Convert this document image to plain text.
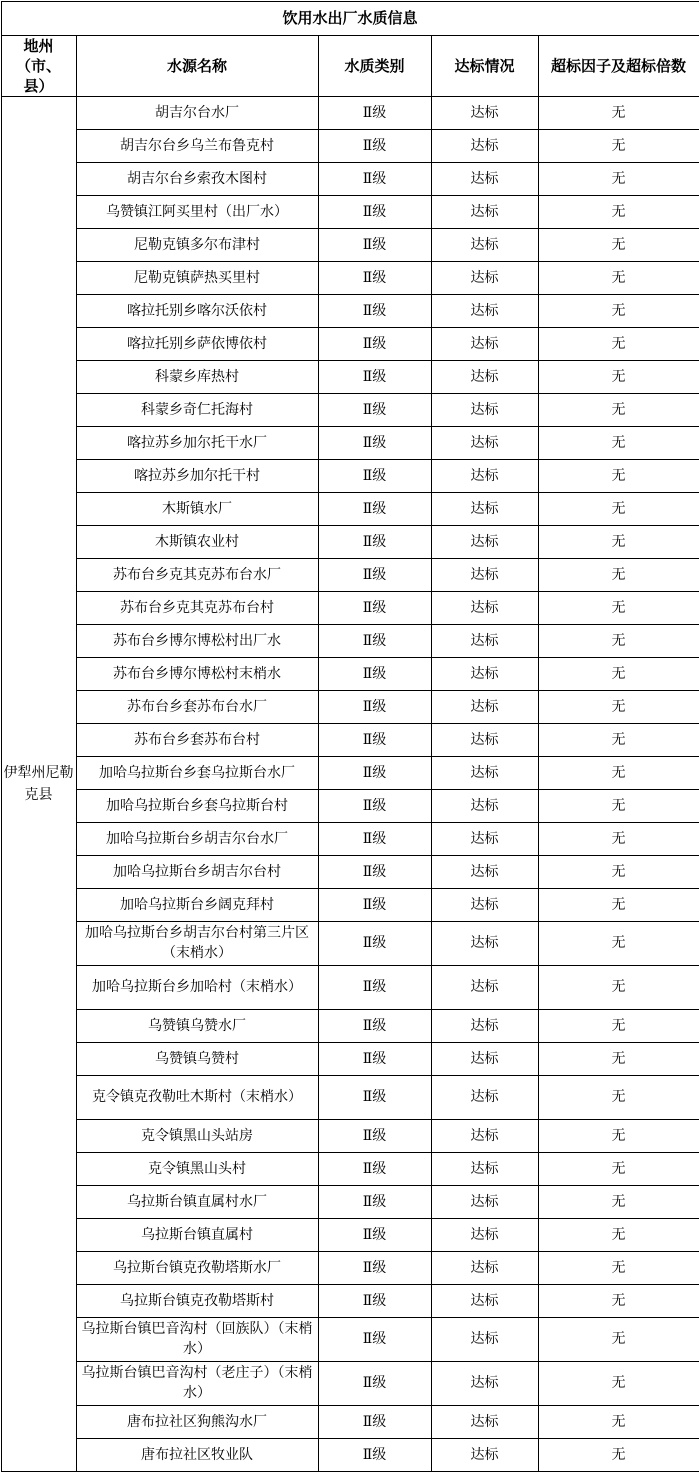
饮用水出厂水质信息				
地州（市、县）	水源名称	水质类别	达标情况	超标因子及超标倍数
伊犁州尼勒克县	胡吉尔台水厂	Ⅱ级	达标	无
	胡吉尔台乡乌兰布鲁克村	Ⅱ级	达标	无
	胡吉尔台乡索孜木图村	Ⅱ级	达标	无
	乌赞镇江阿买里村（出厂水）	Ⅱ级	达标	无
	尼勒克镇多尔布津村	Ⅱ级	达标	无
	尼勒克镇萨热买里村	Ⅱ级	达标	无
	喀拉托别乡喀尔沃依村	Ⅱ级	达标	无
	喀拉托别乡萨依博依村	Ⅱ级	达标	无
	科蒙乡库热村	Ⅱ级	达标	无
	科蒙乡奇仁托海村	Ⅱ级	达标	无
	喀拉苏乡加尔托干水厂	Ⅱ级	达标	无
	喀拉苏乡加尔托干村	Ⅱ级	达标	无
	木斯镇水厂	Ⅱ级	达标	无
	木斯镇农业村	Ⅱ级	达标	无
	苏布台乡克其克苏布台水厂	Ⅱ级	达标	无
	苏布台乡克其克苏布台村	Ⅱ级	达标	无
	苏布台乡博尔博松村出厂水	Ⅱ级	达标	无
	苏布台乡博尔博松村末梢水	Ⅱ级	达标	无
	苏布台乡套苏布台水厂	Ⅱ级	达标	无
	苏布台乡套苏布台村	Ⅱ级	达标	无
	加哈乌拉斯台乡套乌拉斯台水厂	Ⅱ级	达标	无
	加哈乌拉斯台乡套乌拉斯台村	Ⅱ级	达标	无
	加哈乌拉斯台乡胡吉尔台水厂	Ⅱ级	达标	无
	加哈乌拉斯台乡胡吉尔台村	Ⅱ级	达标	无
	加哈乌拉斯台乡阔克拜村	Ⅱ级	达标	无
	加哈乌拉斯台乡胡吉尔台村第三片区（末梢水）	Ⅱ级	达标	无
	加哈乌拉斯台乡加哈村（末梢水）	Ⅱ级	达标	无
	乌赞镇乌赞水厂	Ⅱ级	达标	无
	乌赞镇乌赞村	Ⅱ级	达标	无
	克令镇克孜勒吐木斯村（末梢水）	Ⅱ级	达标	无
	克令镇黑山头站房	Ⅱ级	达标	无
	克令镇黑山头村	Ⅱ级	达标	无
	乌拉斯台镇直属村水厂	Ⅱ级	达标	无
	乌拉斯台镇直属村	Ⅱ级	达标	无
	乌拉斯台镇克孜勒塔斯水厂	Ⅱ级	达标	无
	乌拉斯台镇克孜勒塔斯村	Ⅱ级	达标	无
	乌拉斯台镇巴音沟村（回族队）（末梢水）	Ⅱ级	达标	无
	乌拉斯台镇巴音沟村（老庄子）（末梢水）	Ⅱ级	达标	无
	唐布拉社区狗熊沟水厂	Ⅱ级	达标	无
	唐布拉社区牧业队	Ⅱ级	达标	无
